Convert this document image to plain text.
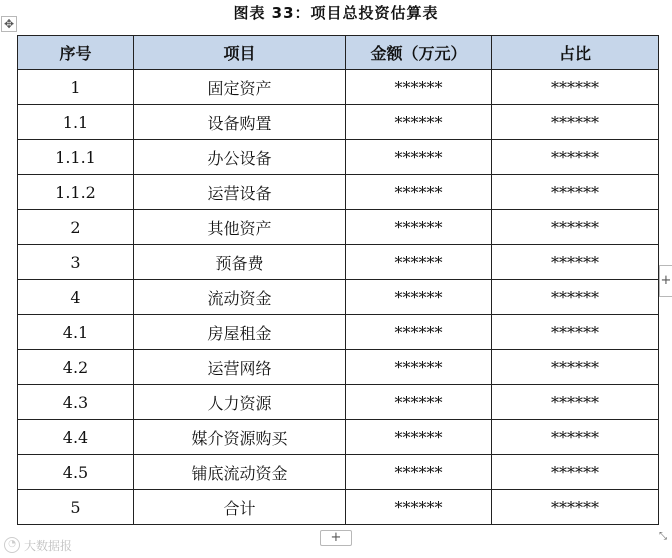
图表 33：项目总投资估算表
✥
序号	项目	金额（万元）	占比
1	固定资产	******	******
1.1	设备购置	******	******
1.1.1	办公设备	******	******
1.1.2	运营设备	******	******
2	其他资产	******	******
3	预备费	******	******
4	流动资金	******	******
4.1	房屋租金	******	******
4.2	运营网络	******	******
4.3	人力资源	******	******
4.4	媒介资源购买	******	******
4.5	铺底流动资金	******	******
5	合计	******	******
+
+	⤡
◔ 大数据报
